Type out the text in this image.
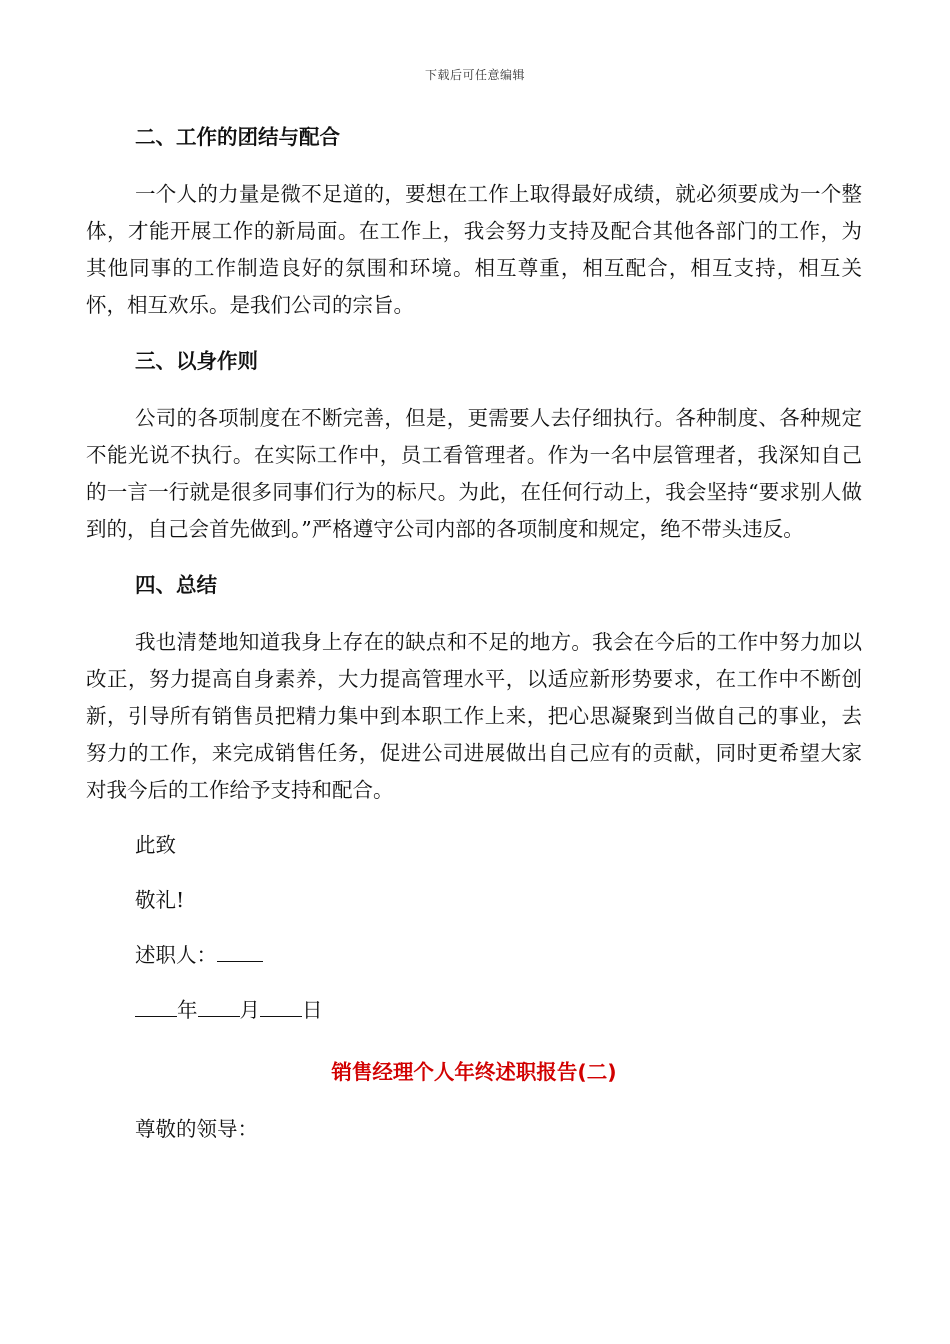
下载后可任意编辑
二、工作的团结与配合

一个人的力量是微不足道的，要想在工作上取得最好成绩，就必须要成为一个整体，才能开展工作的新局面。在工作上，我会努力支持及配合其他各部门的工作，为其他同事的工作制造良好的氛围和环境。相互尊重，相互配合，相互支持，相互关怀，相互欢乐。是我们公司的宗旨。

三、以身作则

公司的各项制度在不断完善，但是，更需要人去仔细执行。各种制度、各种规定不能光说不执行。在实际工作中，员工看管理者。作为一名中层管理者，我深知自己的一言一行就是很多同事们行为的标尺。为此，在任何行动上，我会坚持“要求别人做到的，自己会首先做到。”严格遵守公司内部的各项制度和规定，绝不带头违反。

四、总结

我也清楚地知道我身上存在的缺点和不足的地方。我会在今后的工作中努力加以改正，努力提高自身素养，大力提高管理水平，以适应新形势要求，在工作中不断创新，引导所有销售员把精力集中到本职工作上来，把心思凝聚到当做自己的事业，去努力的工作，来完成销售任务，促进公司进展做出自己应有的贡献，同时更希望大家对我今后的工作给予支持和配合。

此致

敬礼!

述职人：

年 月 日

销售经理个人年终述职报告(二)

尊敬的领导：
